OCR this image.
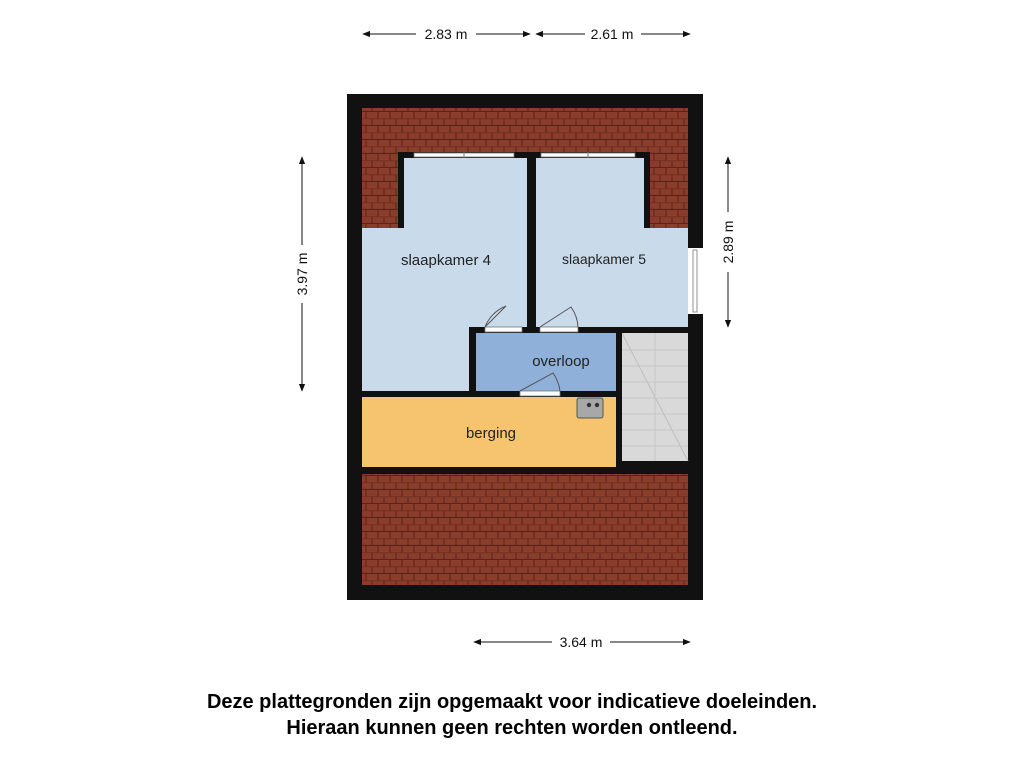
slaapkamer 4	slaapkamer 5
overloop
berging
2.83 m	2.61 m
3.97 m
2.89 m
3.64 m
Deze plattegronden zijn opgemaakt voor indicatieve doeleinden.
Hieraan kunnen geen rechten worden ontleend.
